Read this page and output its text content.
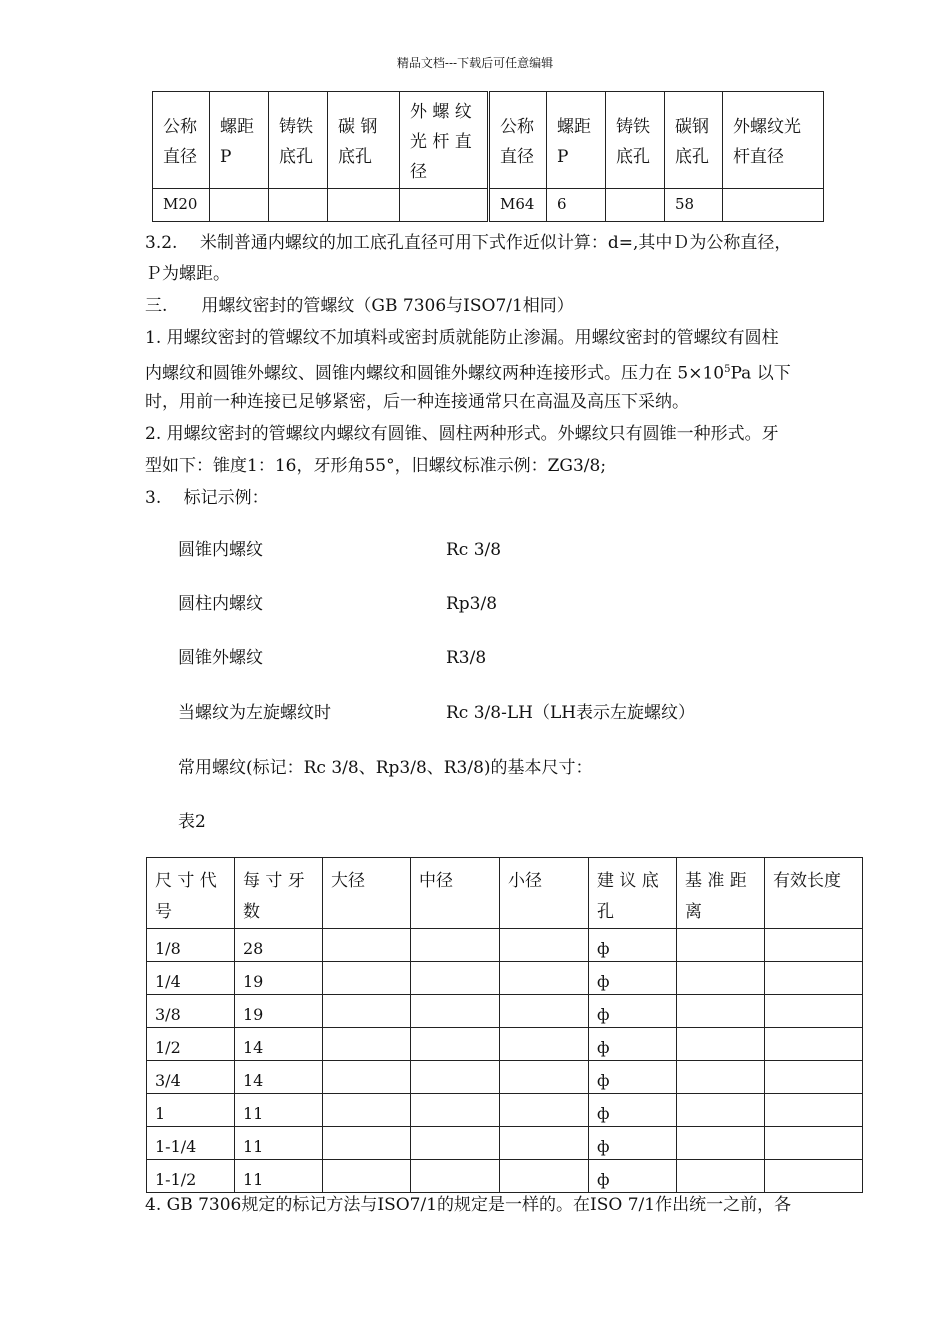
精品文档---下载后可任意编辑
公称
直径	螺距
P	铸铁
底孔	碳 钢
底孔	外 螺 纹
光 杆 直
径	公称
直径	螺距
P	铸铁
底孔	碳钢
底孔	外螺纹光
杆直径
M20					M64	6		58	
3.2.　 米制普通内螺纹的加工底孔直径可用下式作近似计算：d=,其中Ｄ为公称直径，
Ｐ为螺距。
三.　　用螺纹密封的管螺纹（GB 7306与ISO7/1相同）
1. 用螺纹密封的管螺纹不加填料或密封质就能防止渗漏。用螺纹密封的管螺纹有圆柱
内螺纹和圆锥外螺纹、圆锥内螺纹和圆锥外螺纹两种连接形式。压力在 $5\times 10^5Pa$ 以下
时，用前一种连接已足够紧密，后一种连接通常只在高温及高压下采纳。
2. 用螺纹密封的管螺纹内螺纹有圆锥、圆柱两种形式。外螺纹只有圆锥一种形式。牙
型如下：锥度1：16，牙形角55°，旧螺纹标准示例：ZG3/8;
3.　 标记示例：
圆锥内螺纹	Rc 3/8
圆柱内螺纹	Rp3/8
圆锥外螺纹	R3/8
当螺纹为左旋螺纹时	Rc 3/8-LH（LH表示左旋螺纹）
常用螺纹(标记：Rc 3/8、Rp3/8、R3/8)的基本尺寸：
表2
尺 寸 代
号	每 寸 牙
数	大径	中径	小径	建 议 底
孔	基 准 距
离	有效长度
1/8	28				ф		
1/4	19				ф		
3/8	19				ф		
1/2	14				ф		
3/4	14				ф		
1	11				ф		
1-1/4	11				ф		
1-1/2	11				ф		
4. GB 7306规定的标记方法与ISO7/1的规定是一样的。在ISO 7/1作出统一之前，各
